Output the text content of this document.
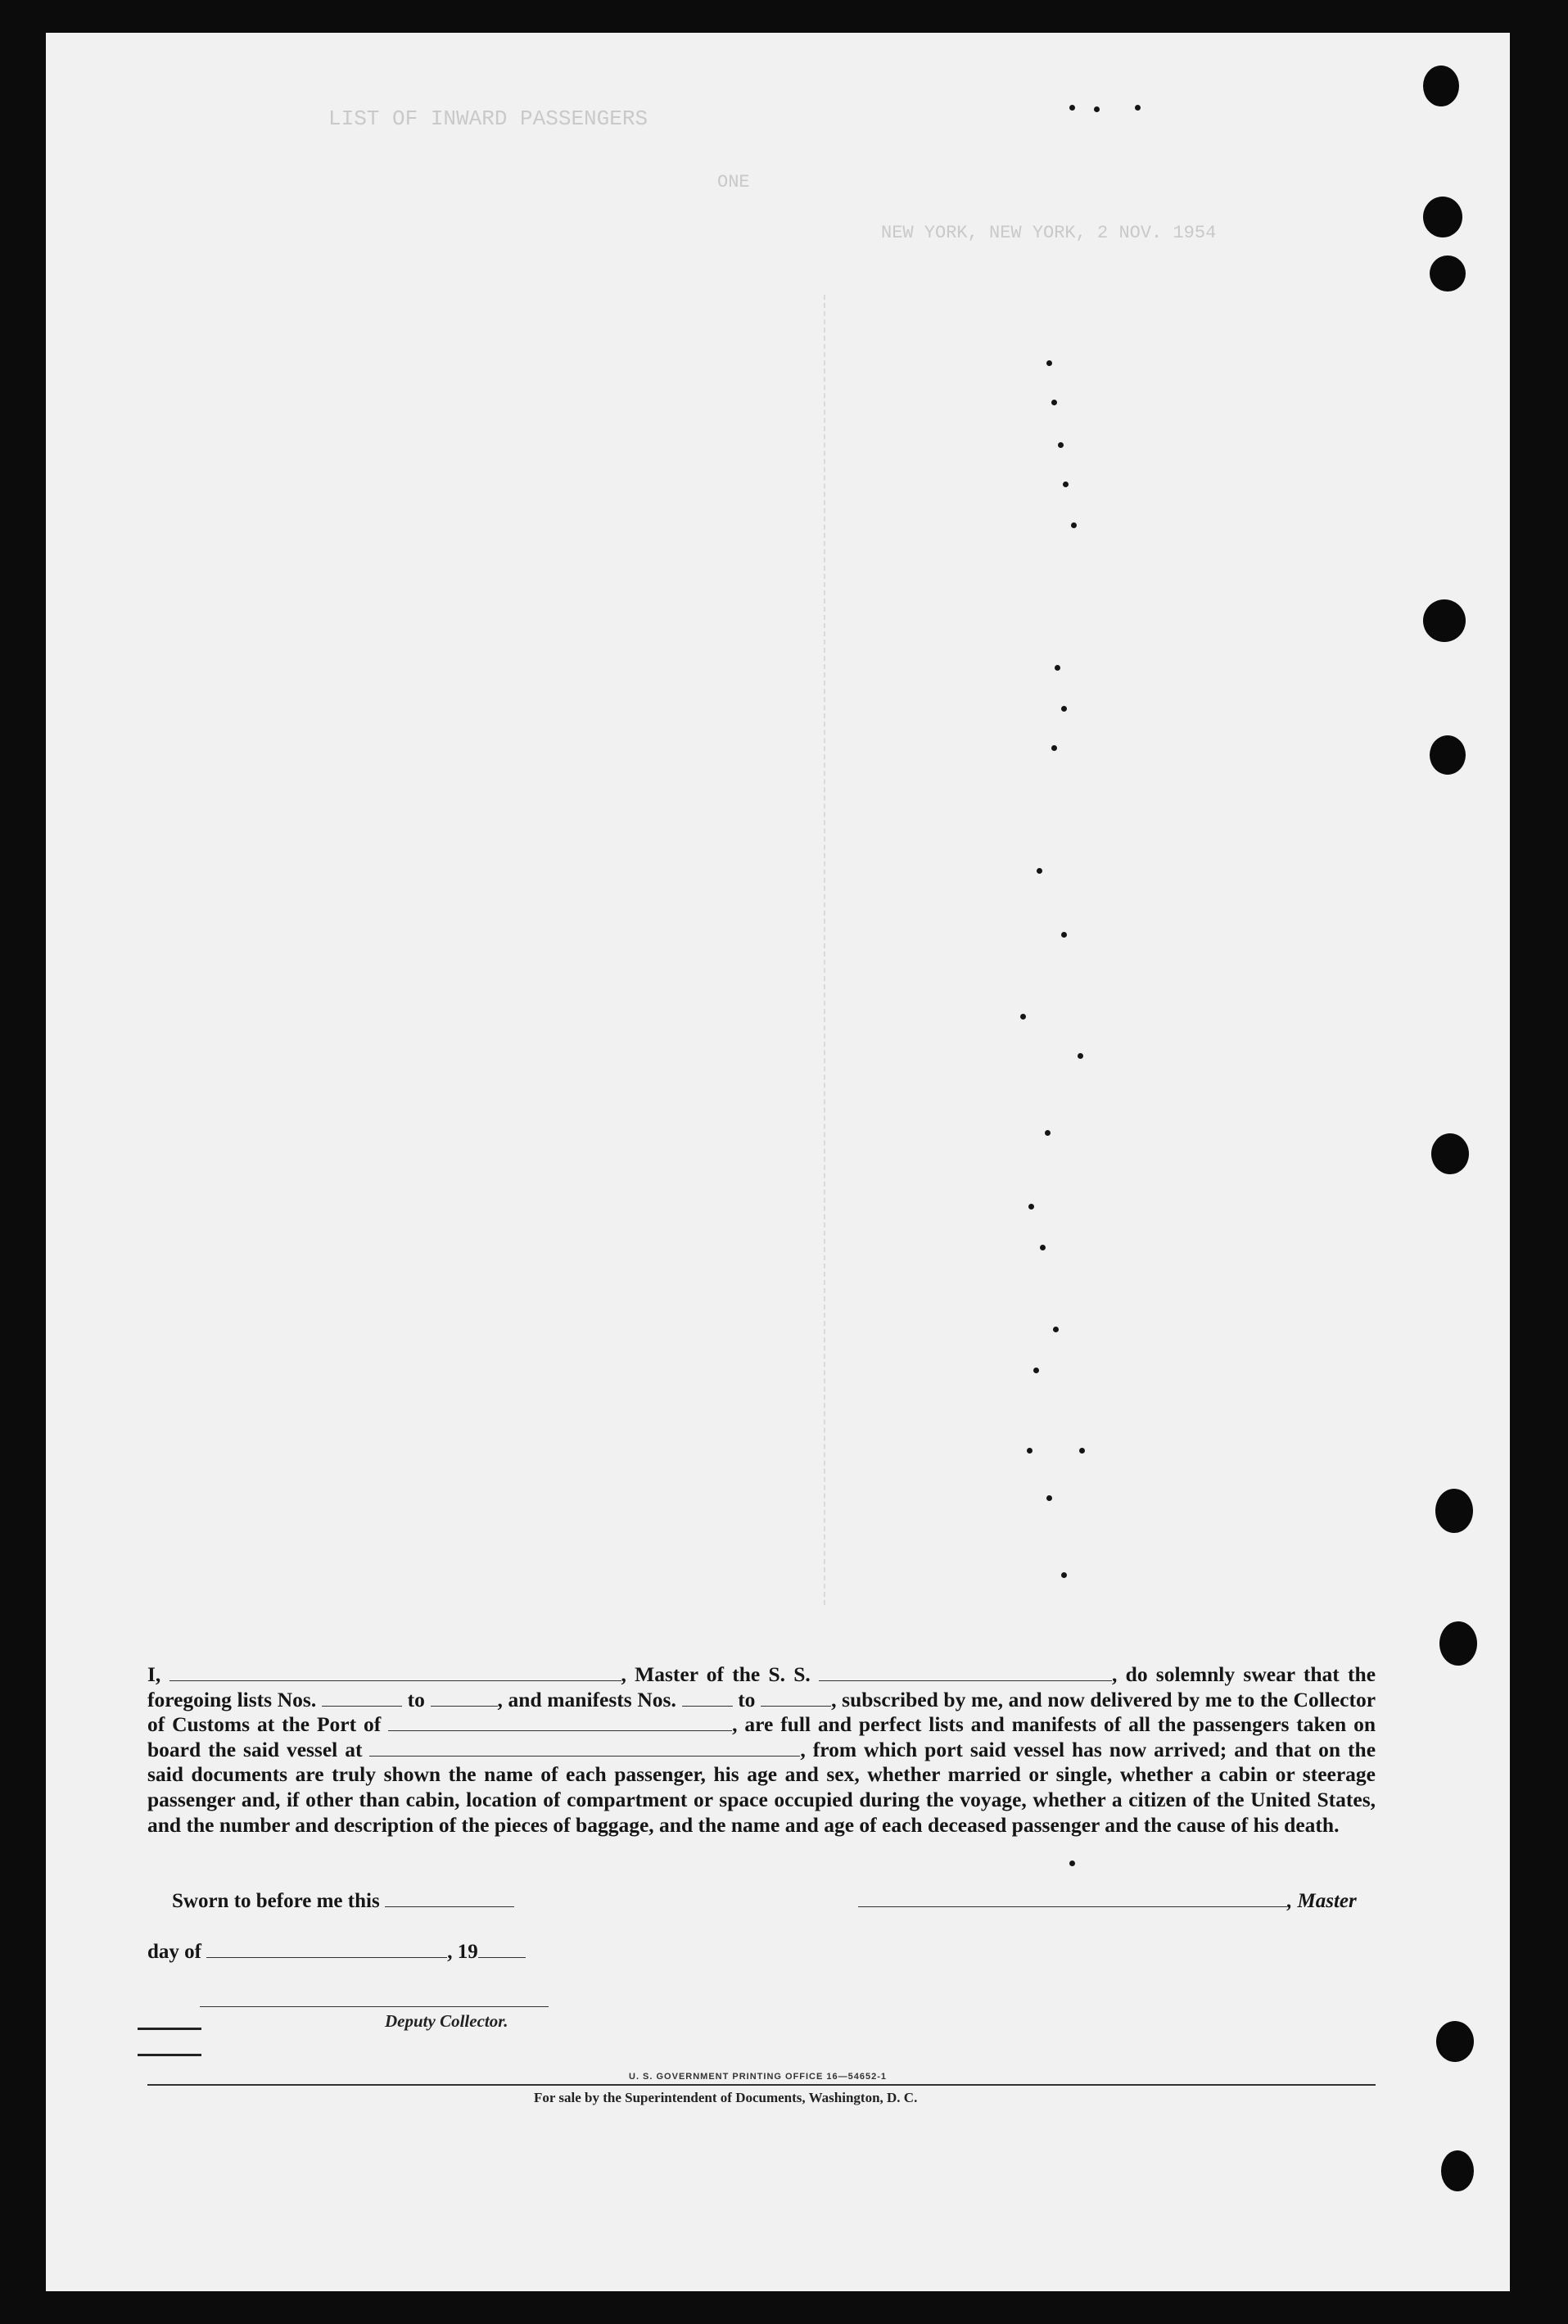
LIST OF INWARD PASSENGERS
ONE
NEW YORK, NEW YORK, 2 NOV. 1954

I,	, Master of the S. S.	, do solemnly swear that the foregoing lists Nos.	to	, and manifests Nos.	to	, subscribed by me, and now delivered by me to the Collector of Customs at the Port of	, are full and perfect lists and manifests of all the passengers taken on board the said vessel at	, from which port said vessel has now arrived; and that on the said documents are truly shown the name of each passenger, his age and sex, whether married or single, whether a cabin or steerage passenger and, if other than cabin, location of compartment or space occupied during the voyage, whether a citizen of the United States, and the number and description of the pieces of baggage, and the name and age of each deceased passenger and the cause of his death.

Sworn to before me this	, Master
day of	, 19
Deputy Collector.
U. S. GOVERNMENT PRINTING OFFICE 16—54652-1
For sale by the Superintendent of Documents, Washington, D. C.
